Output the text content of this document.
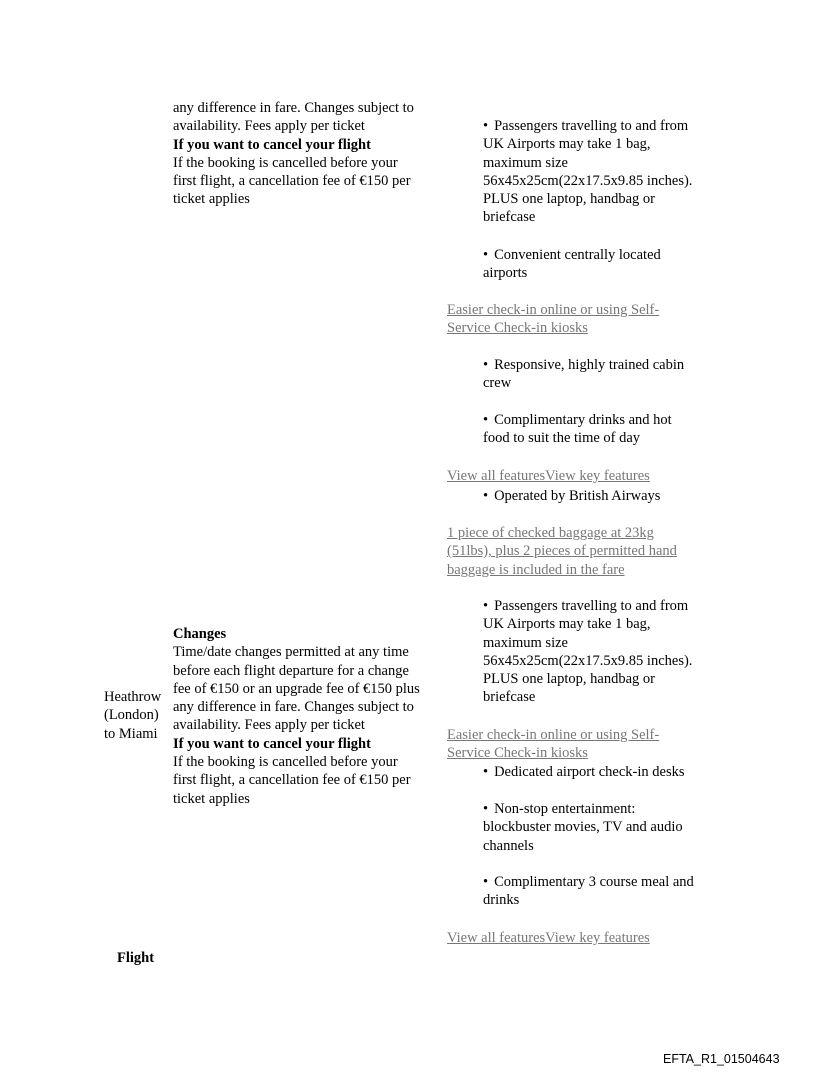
any difference in fare. Changes subject to

availability. Fees apply per ticket

If you want to cancel your flight

If the booking is cancelled before your

first flight, a cancellation fee of €150 per

ticket applies

• Passengers travelling to and from

UK Airports may take 1 bag,

maximum size

56x45x25cm(22x17.5x9.85 inches).

PLUS one laptop, handbag or

briefcase

• Convenient centrally located

airports

Easier check-in online or using Self-

Service Check-in kiosks

• Responsive, highly trained cabin

crew

• Complimentary drinks and hot

food to suit the time of day

View all featuresView key features

• Operated by British Airways

1 piece of checked baggage at 23kg

(51lbs), plus 2 pieces of permitted hand

baggage is included in the fare

Heathrow

(London)

to Miami

Changes

Time/date changes permitted at any time

before each flight departure for a change

fee of €150 or an upgrade fee of €150 plus

any difference in fare. Changes subject to

availability. Fees apply per ticket

If you want to cancel your flight

If the booking is cancelled before your

first flight, a cancellation fee of €150 per

ticket applies

• Passengers travelling to and from

UK Airports may take 1 bag,

maximum size

56x45x25cm(22x17.5x9.85 inches).

PLUS one laptop, handbag or

briefcase

Easier check-in online or using Self-

Service Check-in kiosks

• Dedicated airport check-in desks

• Non-stop entertainment:

blockbuster movies, TV and audio

channels

• Complimentary 3 course meal and

drinks

View all featuresView key features
Flight
EFTA_R1_01504643
